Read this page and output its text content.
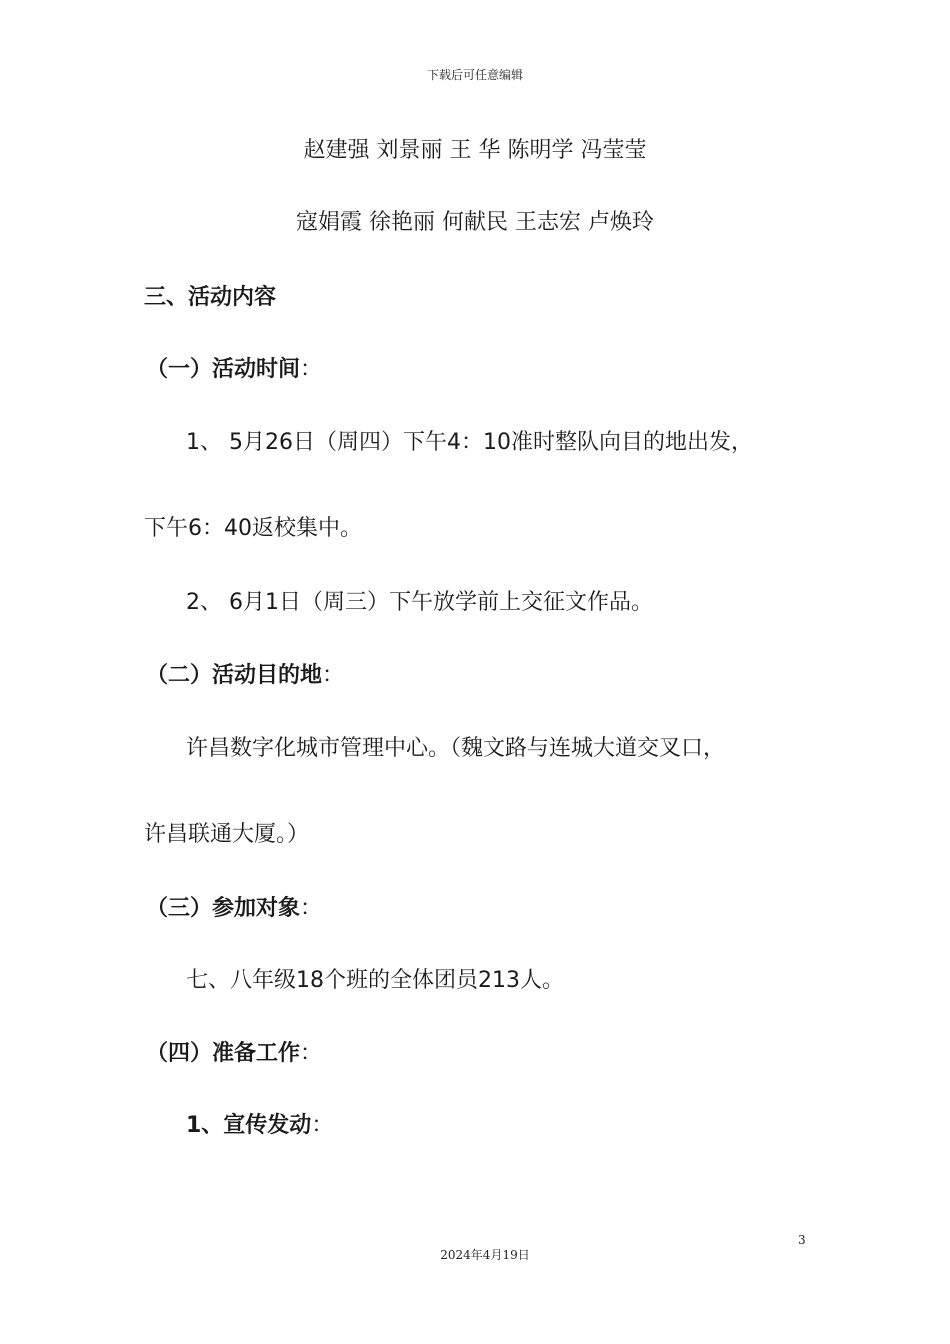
下载后可任意编辑
赵建强 刘景丽 王 华 陈明学 冯莹莹
寇娟霞 徐艳丽 何献民 王志宏 卢焕玲
三、活动内容
（一）活动时间：
1、 5月26日（周四）下午4：10准时整队向目的地出发，
下午6：40返校集中。
2、 6月1日（周三）下午放学前上交征文作品。
（二）活动目的地：
许昌数字化城市管理中心。（魏文路与连城大道交叉口，
许昌联通大厦。）
（三）参加对象：
七、八年级18个班的全体团员213人。
（四）准备工作：
1、宣传发动：
3
2024年4月19日
